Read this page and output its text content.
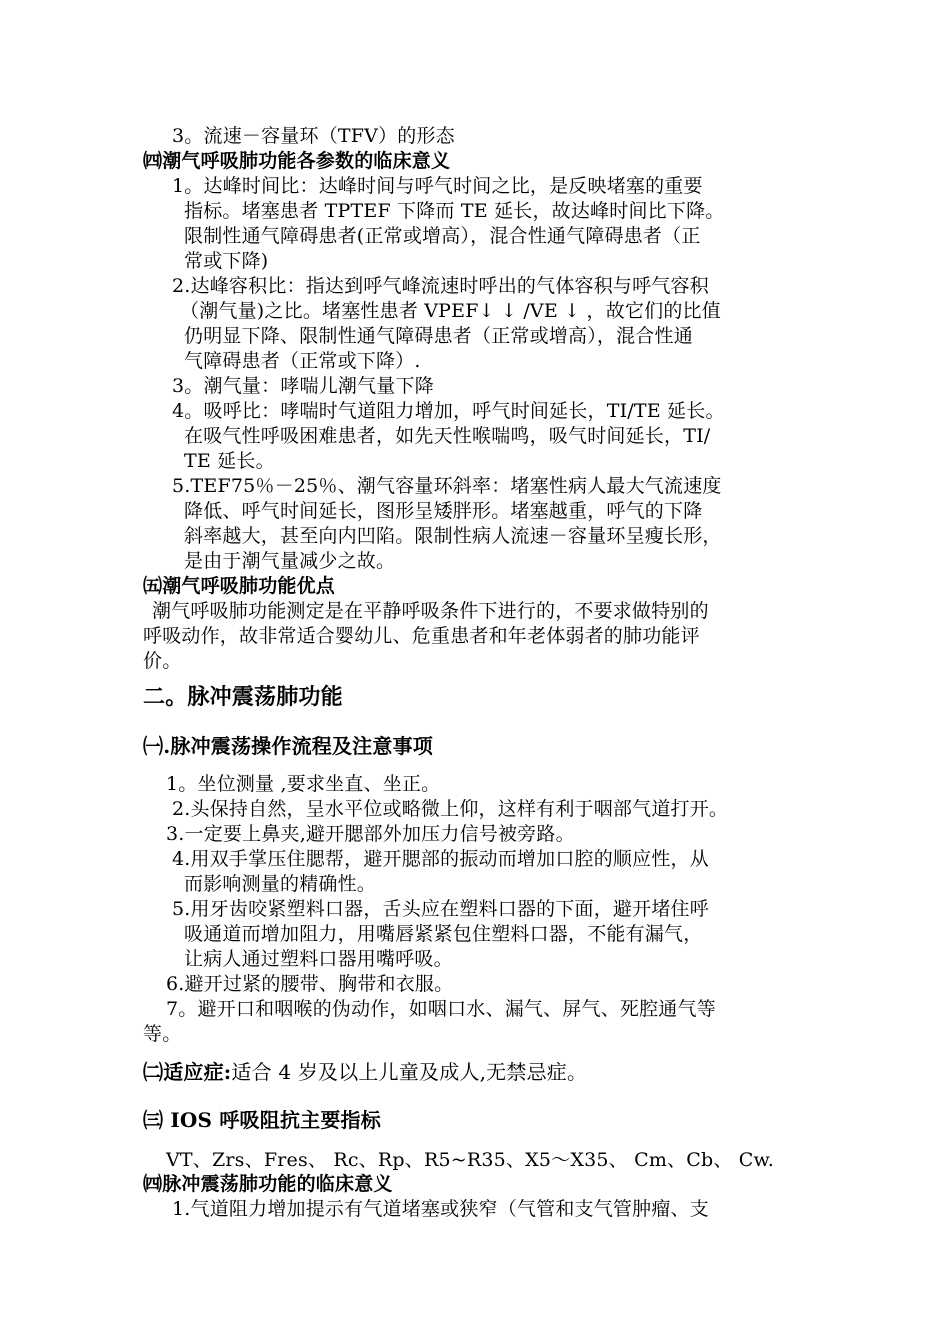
3。流速－容量环（TFV）的形态
㈣潮气呼吸肺功能各参数的临床意义
1。达峰时间比：达峰时间与呼气时间之比，是反映堵塞的重要
指标。堵塞患者 TPTEF 下降而 TE 延长，故达峰时间比下降。
限制性通气障碍患者(正常或增高），混合性通气障碍患者（正
常或下降)
2.达峰容积比：指达到呼气峰流速时呼出的气体容积与呼气容积
（潮气量)之比。堵塞性患者 VPEF↓ ↓ /VE ↓ ，故它们的比值
仍明显下降、限制性通气障碍患者（正常或增高），混合性通
气障碍患者（正常或下降）.
3。潮气量：哮喘儿潮气量下降
4。吸呼比：哮喘时气道阻力增加，呼气时间延长，TI/TE 延长。
在吸气性呼吸困难患者，如先天性喉喘鸣，吸气时间延长，TI/
TE 延长。
5.TEF75％－25％、潮气容量环斜率：堵塞性病人最大气流速度
降低、呼气时间延长，图形呈矮胖形。堵塞越重，呼气的下降
斜率越大，甚至向内凹陷。限制性病人流速－容量环呈瘦长形，
是由于潮气量减少之故。
㈤潮气呼吸肺功能优点
潮气呼吸肺功能测定是在平静呼吸条件下进行的，不要求做特别的
呼吸动作，故非常适合婴幼儿、危重患者和年老体弱者的肺功能评
价。
二。脉冲震荡肺功能
㈠.脉冲震荡操作流程及注意事项
1。坐位测量 ,要求坐直、坐正。
2.头保持自然，呈水平位或略微上仰，这样有利于咽部气道打开。
3.一定要上鼻夹,避开腮部外加压力信号被旁路。
4.用双手掌压住腮帮，避开腮部的振动而增加口腔的顺应性，从
而影响测量的精确性。
5.用牙齿咬紧塑料口器，舌头应在塑料口器的下面，避开堵住呼
吸通道而增加阻力，用嘴唇紧紧包住塑料口器，不能有漏气，
让病人通过塑料口器用嘴呼吸。
6.避开过紧的腰带、胸带和衣服。
7。避开口和咽喉的伪动作，如咽口水、漏气、屏气、死腔通气等
等。
㈡适应症:适合 4 岁及以上儿童及成人,无禁忌症。
㈢ IOS 呼吸阻抗主要指标
VT、Zrs、Fres、 Rc、Rp、R5~R35、X5～X35、 Cm、Cb、 Cw.
㈣脉冲震荡肺功能的临床意义
1.气道阻力增加提示有气道堵塞或狭窄（气管和支气管肿瘤、支
